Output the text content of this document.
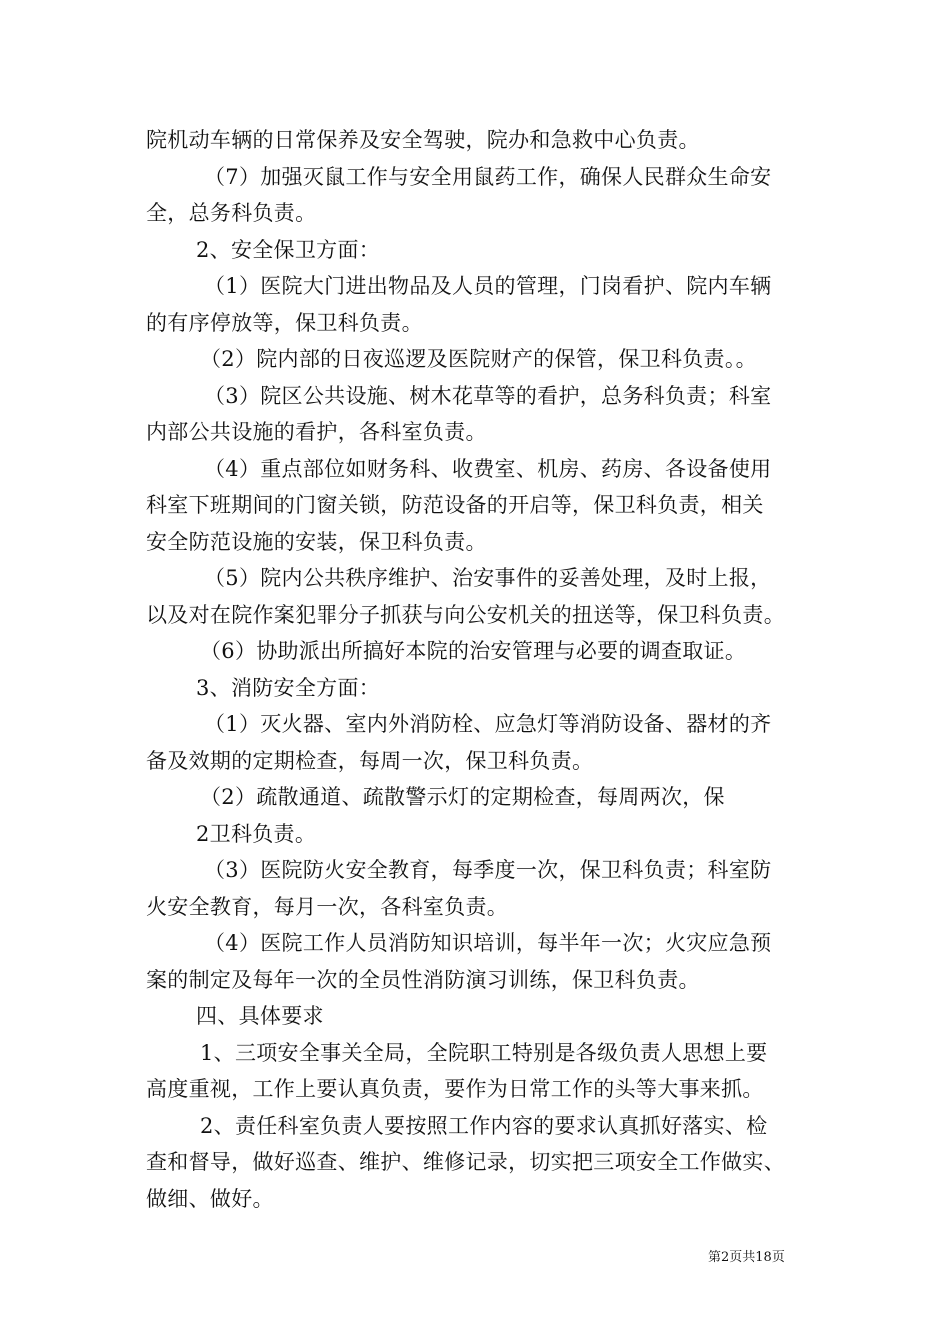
院机动车辆的日常保养及安全驾驶，院办和急救中心负责。
（7）加强灭鼠工作与安全用鼠药工作，确保人民群众生命安
全，总务科负责。
2、安全保卫方面：
（1）医院大门进出物品及人员的管理，门岗看护、院内车辆
的有序停放等，保卫科负责。
（2）院内部的日夜巡逻及医院财产的保管，保卫科负责。。
（3）院区公共设施、树木花草等的看护，总务科负责；科室
内部公共设施的看护，各科室负责。
（4）重点部位如财务科、收费室、机房、药房、各设备使用
科室下班期间的门窗关锁，防范设备的开启等，保卫科负责，相关
安全防范设施的安装，保卫科负责。
（5）院内公共秩序维护、治安事件的妥善处理，及时上报，
以及对在院作案犯罪分子抓获与向公安机关的扭送等，保卫科负责。
（6）协助派出所搞好本院的治安管理与必要的调查取证。
3、消防安全方面：
（1）灭火器、室内外消防栓、应急灯等消防设备、器材的齐
备及效期的定期检查，每周一次，保卫科负责。
（2）疏散通道、疏散警示灯的定期检查，每周两次，保
2卫科负责。
（3）医院防火安全教育，每季度一次，保卫科负责；科室防
火安全教育，每月一次，各科室负责。
（4）医院工作人员消防知识培训，每半年一次；火灾应急预
案的制定及每年一次的全员性消防演习训练，保卫科负责。
四、具体要求
1、三项安全事关全局，全院职工特别是各级负责人思想上要
高度重视，工作上要认真负责，要作为日常工作的头等大事来抓。
2、责任科室负责人要按照工作内容的要求认真抓好落实、检
查和督导，做好巡查、维护、维修记录，切实把三项安全工作做实、
做细、做好。
第2页共18页
